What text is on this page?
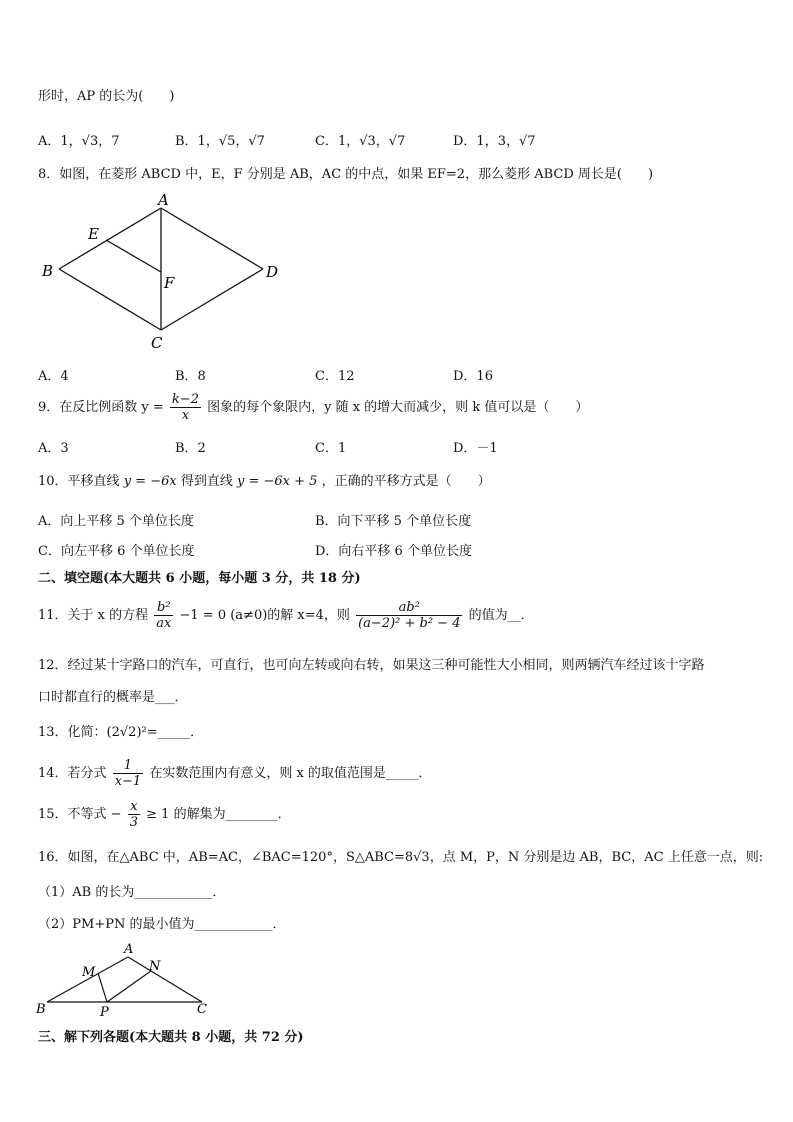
形时，AP 的长为(　　)
A．1，√3，7	B．1，√5，√7	C．1，√3，√7	D．1，3，√7
8．如图，在菱形 ABCD 中，E，F 分别是 AB，AC 的中点，如果 EF=2，那么菱形 ABCD 周长是(　　)
A
B
C
D
E
F
A．4	B．8	C．12	D．16
9．在反比例函数 $y = \frac{k-2}{x}$ 图象的每个象限内，y 随 x 的增大而减少，则 k 值可以是（　　）
A．3	B．2	C．1	D．－1
10．平移直线 y = −6x 得到直线 y = −6x + 5 ，正确的平移方式是（　　）
A．向上平移 5 个单位长度	B．向下平移 5 个单位长度
C．向左平移 6 个单位长度	D．向右平移 6 个单位长度
二、填空题(本大题共 6 小题，每小题 3 分，共 18 分)
11．关于 x 的方程 $\frac{\text{b²}}{ax} -1 = 0$ (a≠0)的解 x=4，则 $\frac{\text{ab²}}{\text{(a−2)² + b² − 4}}$ 的值为__．
12．经过某十字路口的汽车，可直行，也可向左转或向右转，如果这三种可能性大小相同，则两辆汽车经过该十字路
口时都直行的概率是___．
13．化简：(2√2)²=_____．
14．若分式 $\frac{1}{x-1}$ 在实数范围内有意义，则 x 的取值范围是_____．
15．不等式 − $\frac{x}{3} \ge 1$ 的解集为________．
16．如图，在△ABC 中，AB=AC，∠BAC=120°，S△ABC=8√3，点 M，P，N 分别是边 AB，BC，AC 上任意一点，则:
（1）AB 的长为____________．
（2）PM+PN 的最小值为____________．
A
B	C
M	N
P
三、解下列各题(本大题共 8 小题，共 72 分)
